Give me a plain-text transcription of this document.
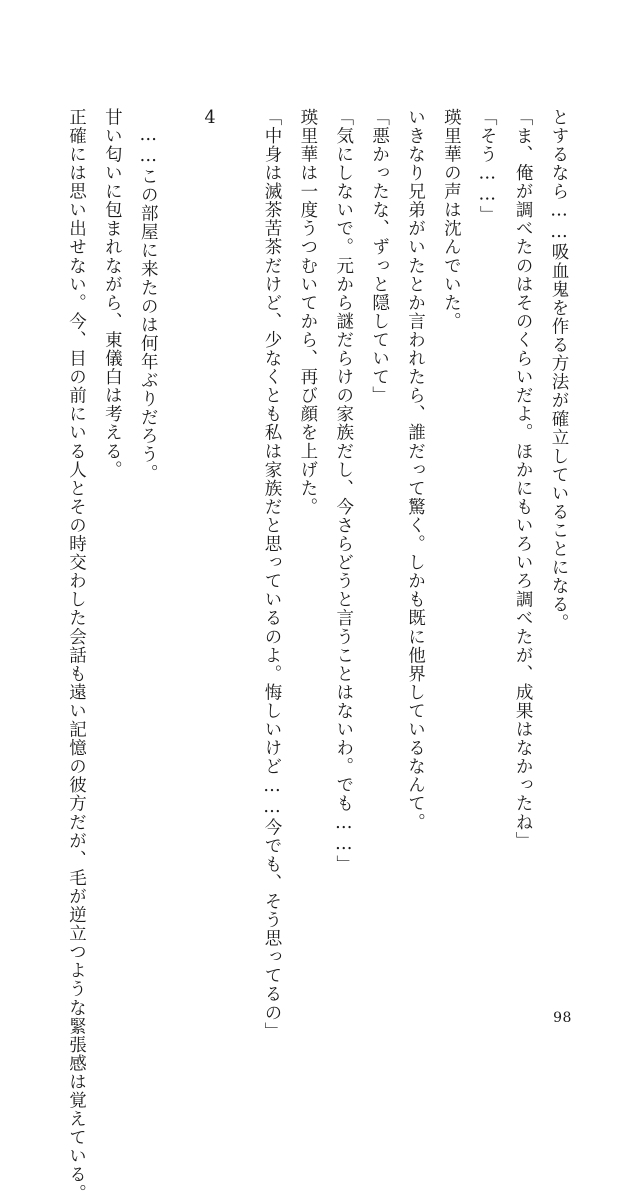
とするなら……吸血鬼を作る方法が確立していることになる。

「ま、俺が調べたのはそのくらいだよ。ほかにもいろいろ調べたが、成果はなかったね」

「そう……」

瑛里華の声は沈んでいた。

いきなり兄弟がいたとか言われたら、誰だって驚く。しかも既に他界しているなんて。

「悪かったな、ずっと隠していて」

「気にしないで。元から謎だらけの家族だし、今さらどうと言うことはないわ。でも……」

瑛里華は一度うつむいてから、再び顔を上げた。

「中身は滅茶苦茶だけど、少なくとも私は家族だと思っているのよ。悔しいけど……今でも、そう思ってるの」

4

……この部屋に来たのは何年ぶりだろう。

甘い匂いに包まれながら、東儀白は考える。

正確には思い出せない。今、目の前にいる人とその時交わした会話も遠い記憶の彼方だが、毛が逆立つような緊張感は覚えている。	98
